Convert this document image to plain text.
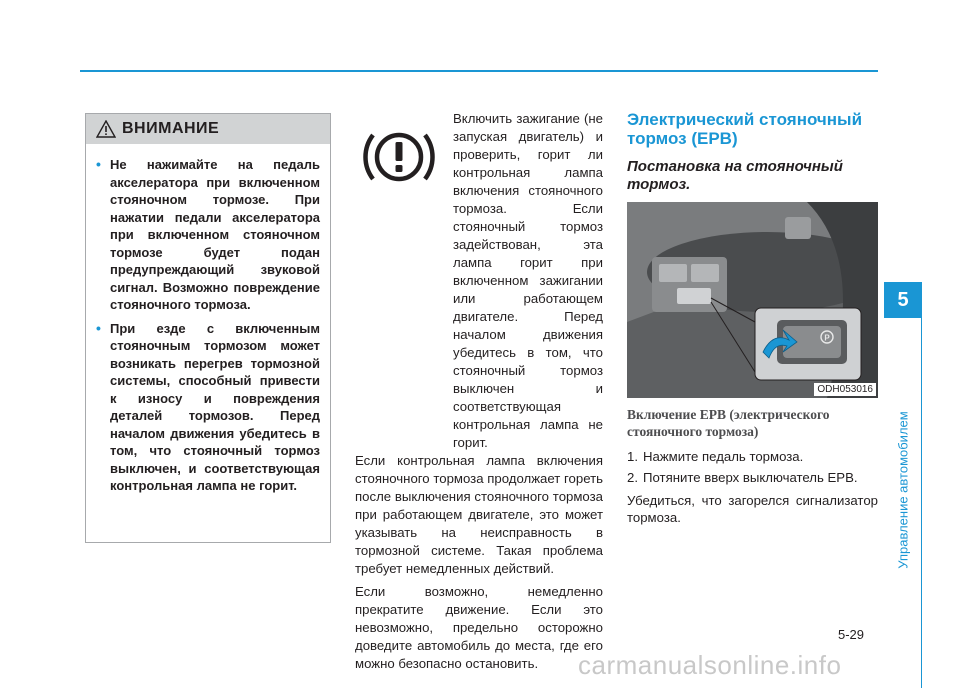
5
Управление автомобилем
ВНИМАНИЕ
• Не нажимайте на педаль акселератора при включенном стояночном тормозе. При нажатии педали акселератора при включенном стояночном тормозе будет подан предупреждающий звуковой сигнал. Возможно повреждение стояночного тормоза.
• При езде с включенным стояночным тормозом может возникать перегрев тормозной системы, способный привести к износу и повреждения деталей тормозов. Перед началом движения убедитесь в том, что стояночный тормоз выключен, и соответствующая контрольная лампа не горит.
Включить зажигание (не запуская двигатель) и проверить, горит ли контрольная лампа включения стояночного тормоза. Если стояночный тормоз задействован, эта лампа горит при включенном зажигании или работающем двигателе. Перед началом движения убедитесь в том, что стояночный тормоз выключен и соответствующая контрольная лампа не горит.

Если контрольная лампа включения стояночного тормоза продолжает гореть после выключения стояночного тормоза при работающем двигателе, это может указывать на неисправность в тормозной системе. Такая проблема требует немедленных действий.

Если возможно, немедленно прекратите движение. Если это невозможно, предельно осторожно доведите автомобиль до места, где его можно безопасно остановить.

Электрический стояночный тормоз (EPB)
Постановка на стояночный тормоз.
P
ODH053016
Включение EPB (электрического стояночного тормоза)
1. Нажмите педаль тормоза.
2. Потяните вверх выключатель EPB.
Убедиться, что загорелся сигнализатор тормоза.
5-29
carmanualsonline.info
